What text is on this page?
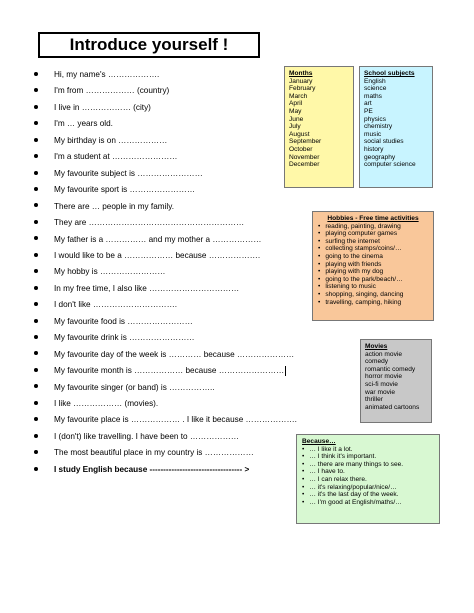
Introduce yourself !
Hi, my name's ……………….
I'm from ……………… (country)
I live in ……………… (city)
I'm … years old.
My birthday is on ………………
I'm a student at ……………………
My favourite subject is ……………………
My favourite sport is ……………………
There are … people in my family.
They are …………………………………………………
My father is a …………… and my mother a ………………
I would like to be a ……………… because ……………….
My hobby is ……………………
In my free time, I also like ……………………………
I don't like ………………………….
My favourite food is ……………………
My favourite drink is ……………………
My favourite day of the week is ………… because …………………
My favourite month is ……………… because ……………………
My favourite singer (or band) is ……………..
I like ……………… (movies).
My favourite place is ……………… . I like it because ……………….
I (don't) like travelling. I have been to ………………
The most beautiful place in my country is ………………
I study English because ---------------------------------- >
Months
January
February
March
April
May
June
July
August
September
October
November
December
School subjects
English
science
maths
art
PE
physics
chemistry
music
social studies
history
geography
computer science
Hobbies - Free time activities
• reading, painting, drawing
• playing computer games
• surfing the internet
• collecting stamps/coins/…
• going to the cinema
• playing with friends
• playing with my dog
• going to the park/beach/…
• listening to music
• shopping, singing, dancing
• travelling, camping, hiking
Movies
action movie
comedy
romantic comedy
horror movie
sci-fi movie
war movie
thriller
animated cartoons
Because…
• … I like it a lot.
• … I think it's important.
• … there are many things to see.
• … I have to.
• … I can relax there.
• … it's relaxing/popular/nice/…
• … it's the last day of the week.
• … I'm good at English/maths/…
